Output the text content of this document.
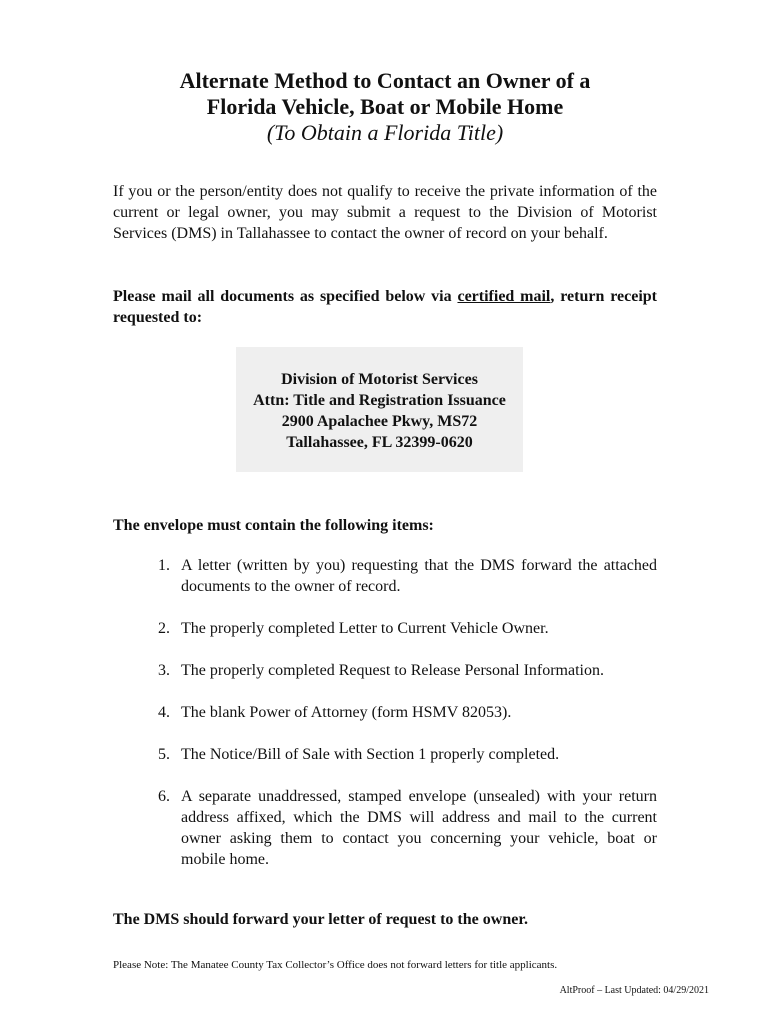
Alternate Method to Contact an Owner of a
Florida Vehicle, Boat or Mobile Home
(To Obtain a Florida Title)
If you or the person/entity does not qualify to receive the private information of the current or legal owner, you may submit a request to the Division of Motorist Services (DMS) in Tallahassee to contact the owner of record on your behalf.
Please mail all documents as specified below via certified mail, return receipt requested to:
Division of Motorist Services
Attn: Title and Registration Issuance
2900 Apalachee Pkwy, MS72
Tallahassee, FL 32399-0620
The envelope must contain the following items:
1. A letter (written by you) requesting that the DMS forward the attached documents to the owner of record.
2. The properly completed Letter to Current Vehicle Owner.
3. The properly completed Request to Release Personal Information.
4. The blank Power of Attorney (form HSMV 82053).
5. The Notice/Bill of Sale with Section 1 properly completed.
6. A separate unaddressed, stamped envelope (unsealed) with your return address affixed, which the DMS will address and mail to the current owner asking them to contact you concerning your vehicle, boat or mobile home.
The DMS should forward your letter of request to the owner.
Please Note: The Manatee County Tax Collector’s Office does not forward letters for title applicants.
AltProof – Last Updated: 04/29/2021
